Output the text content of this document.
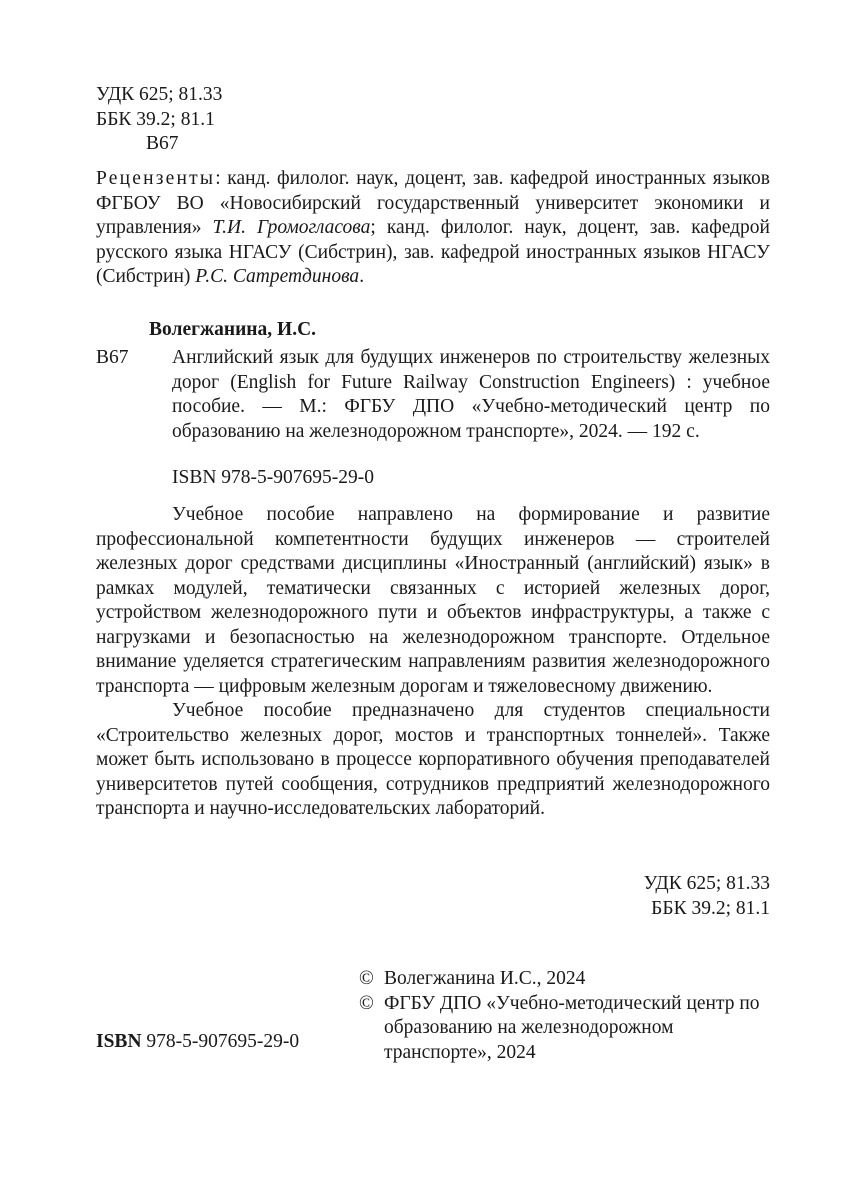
УДК 625; 81.33
ББК 39.2; 81.1
В67
Рецензенты: канд. филолог. наук, доцент, зав. кафедрой иностранных языков ФГБОУ ВО «Новосибирский государственный университет экономики и управления» Т.И. Громогласова; канд. филолог. наук, доцент, зав. кафедрой русского языка НГАСУ (Сибстрин), зав. кафедрой иностранных языков НГАСУ (Сибстрин) Р.С. Сатретдинова.
Волегжанина, И.С.
В67 Английский язык для будущих инженеров по строительству железных дорог (English for Future Railway Construction Engineers) : учебное пособие. — М.: ФГБУ ДПО «Учебно-методический центр по образованию на железнодорожном транспорте», 2024. — 192 с.
ISBN 978-5-907695-29-0

Учебное пособие направлено на формирование и развитие профессиональной компетентности будущих инженеров — строителей железных дорог средствами дисциплины «Иностранный (английский) язык» в рамках модулей, тематически связанных с историей железных дорог, устройством железнодорожного пути и объектов инфраструктуры, а также с нагрузками и безопасностью на железнодорожном транспорте. Отдельное внимание уделяется стратегическим направлениям развития железнодорожного транспорта — цифровым железным дорогам и тяжеловесному движению.

Учебное пособие предназначено для студентов специальности «Строительство железных дорог, мостов и транспортных тоннелей». Также может быть использовано в процессе корпоративного обучения преподавателей университетов путей сообщения, сотрудников предприятий железнодорожного транспорта и научно-исследовательских лабораторий.

УДК 625; 81.33
ББК 39.2; 81.1
© Волегжанина И.С., 2024
© ФГБУ ДПО «Учебно-методический центр по образованию на железнодорожном транспорте», 2024
ISBN 978-5-907695-29-0
